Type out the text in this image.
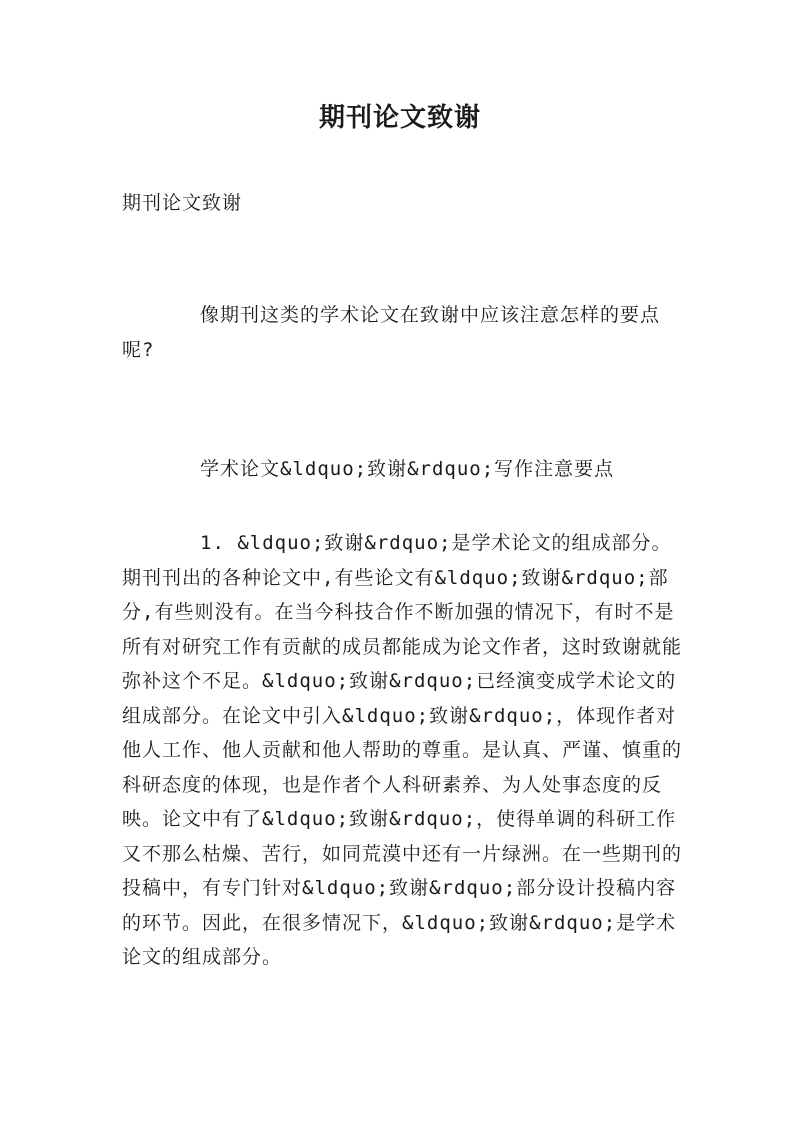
期刊论文致谢

期刊论文致谢

像期刊这类的学术论文在致谢中应该注意怎样的要点呢?

学术论文&ldquo;致谢&rdquo;写作注意要点

1. &ldquo;致谢&rdquo;是学术论文的组成部分。期刊刊出的各种论文中,有些论文有&ldquo;致谢&rdquo;部分,有些则没有。在当今科技合作不断加强的情况下，有时不是所有对研究工作有贡献的成员都能成为论文作者，这时致谢就能弥补这个不足。&ldquo;致谢&rdquo;已经演变成学术论文的组成部分。在论文中引入&ldquo;致谢&rdquo;，体现作者对他人工作、他人贡献和他人帮助的尊重。是认真、严谨、慎重的科研态度的体现，也是作者个人科研素养、为人处事态度的反映。论文中有了&ldquo;致谢&rdquo;，使得单调的科研工作又不那么枯燥、苦行，如同荒漠中还有一片绿洲。在一些期刊的投稿中，有专门针对&ldquo;致谢&rdquo;部分设计投稿内容的环节。因此，在很多情况下，&ldquo;致谢&rdquo;是学术论文的组成部分。
